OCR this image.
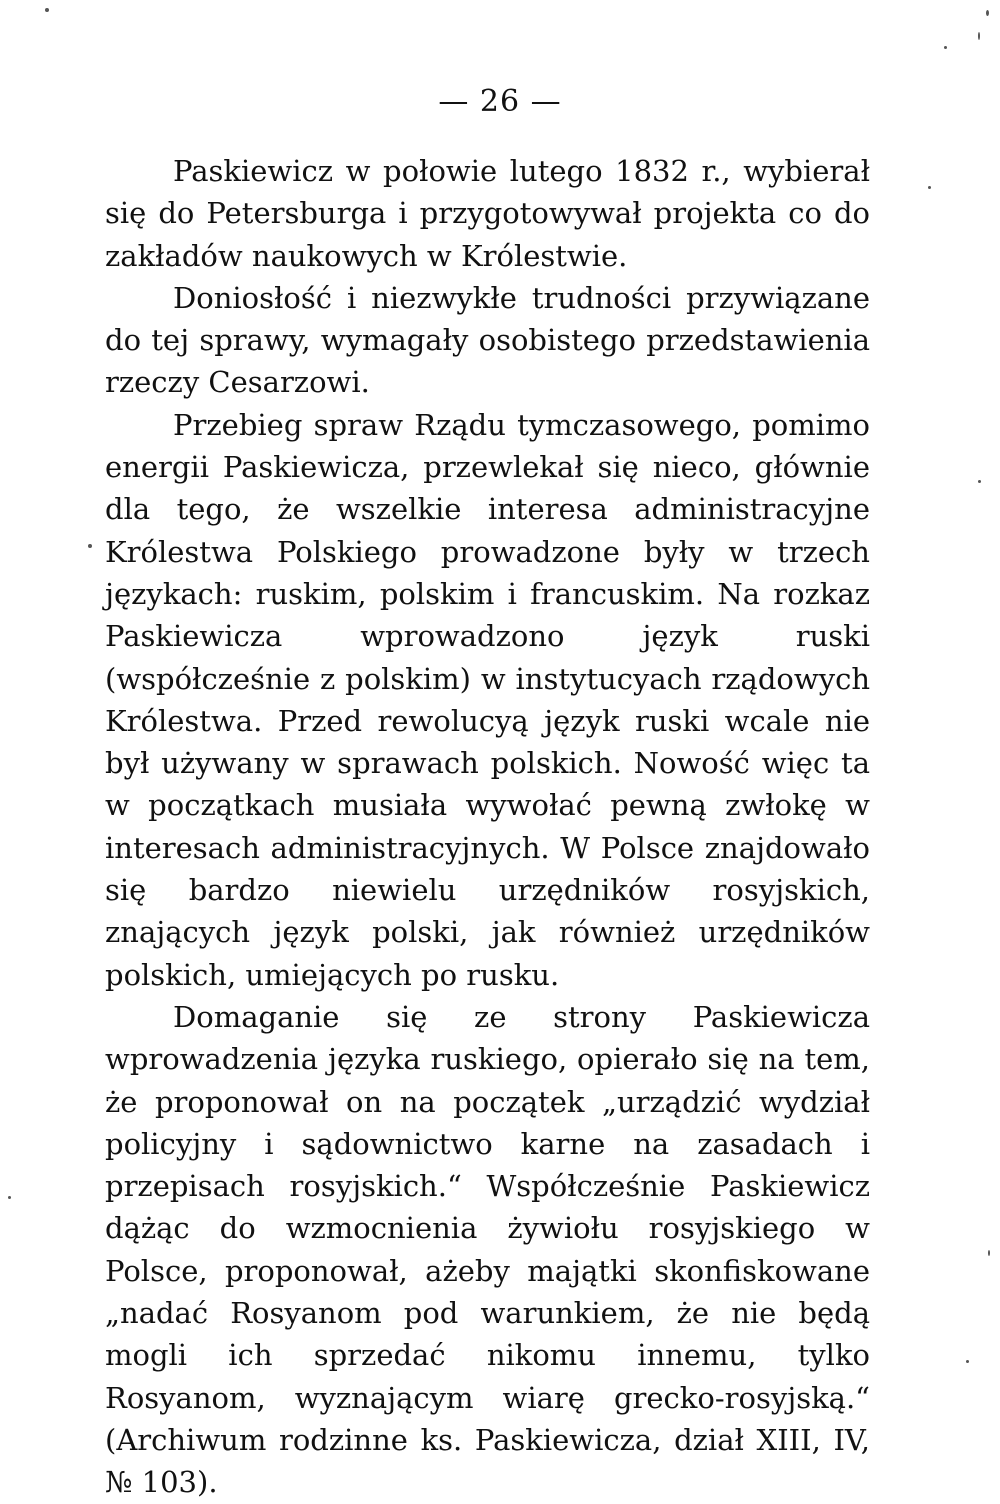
— 26 —

Paskiewicz w połowie lutego 1832 r., wybierał się do Petersburga i przygotowywał projekta co do zakładów naukowych w Królestwie.

Doniosłość i niezwykłe trudności przywiązane do tej sprawy, wymagały osobistego przedstawienia rzeczy Cesarzowi.

Przebieg spraw Rządu tymczasowego, pomimo energii Paskiewicza, przewlekał się nieco, głównie dla tego, że wszelkie interesa administracyjne Królestwa Polskiego prowadzone były w trzech językach: ruskim, polskim i francuskim. Na rozkaz Paskiewicza wprowadzono język ruski (współcześnie z polskim) w instytucyach rządowych Królestwa. Przed rewolucyą język ruski wcale nie był używany w sprawach polskich. Nowość więc ta w początkach musiała wywołać pewną zwłokę w interesach administracyjnych. W Polsce znajdowało się bardzo niewielu urzędników rosyjskich, znających język polski, jak również urzędników polskich, umiejących po rusku.

Domaganie się ze strony Paskiewicza wprowadzenia języka ruskiego, opierało się na tem, że proponował on na początek „urządzić wydział policyjny i sądownictwo karne na zasadach i przepisach rosyjskich.“ Współcześnie Paskiewicz dążąc do wzmocnienia żywiołu rosyjskiego w Polsce, proponował, ażeby majątki skonfiskowane „nadać Rosyanom pod warunkiem, że nie będą mogli ich sprzedać nikomu innemu, tylko Rosyanom, wyznającym wiarę grecko-rosyjską.“ (Archiwum rodzinne ks. Paskiewicza, dział XIII, IV, № 103).
